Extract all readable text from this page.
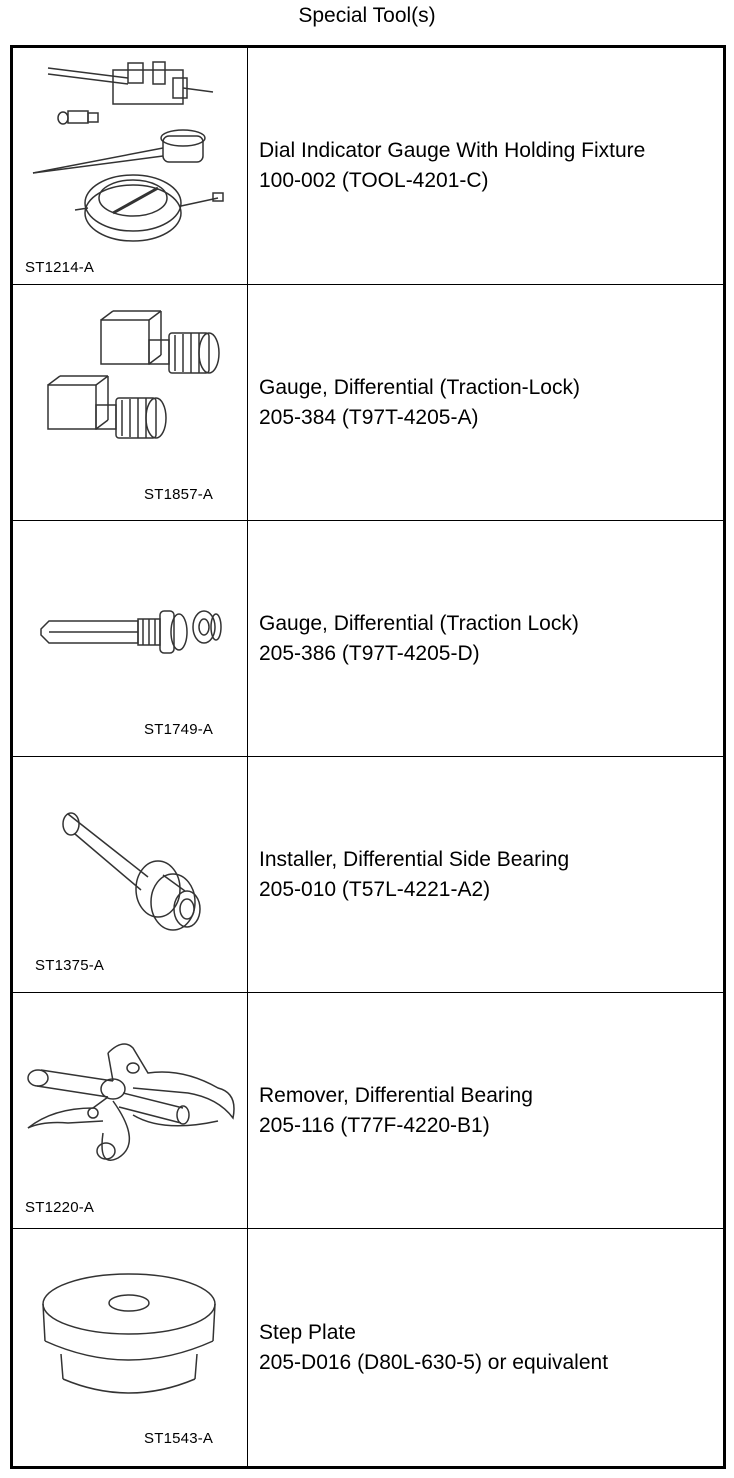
Special Tool(s)
ST1214-A
Dial Indicator Gauge With Holding Fixture
100-002 (TOOL-4201-C)
ST1857-A
Gauge, Differential (Traction-Lock)
205-384 (T97T-4205-A)
ST1749-A
Gauge, Differential (Traction Lock)
205-386 (T97T-4205-D)
ST1375-A
Installer, Differential Side Bearing
205-010 (T57L-4221-A2)
ST1220-A
Remover, Differential Bearing
205-116 (T77F-4220-B1)
ST1543-A
Step Plate
205-D016 (D80L-630-5) or equivalent
